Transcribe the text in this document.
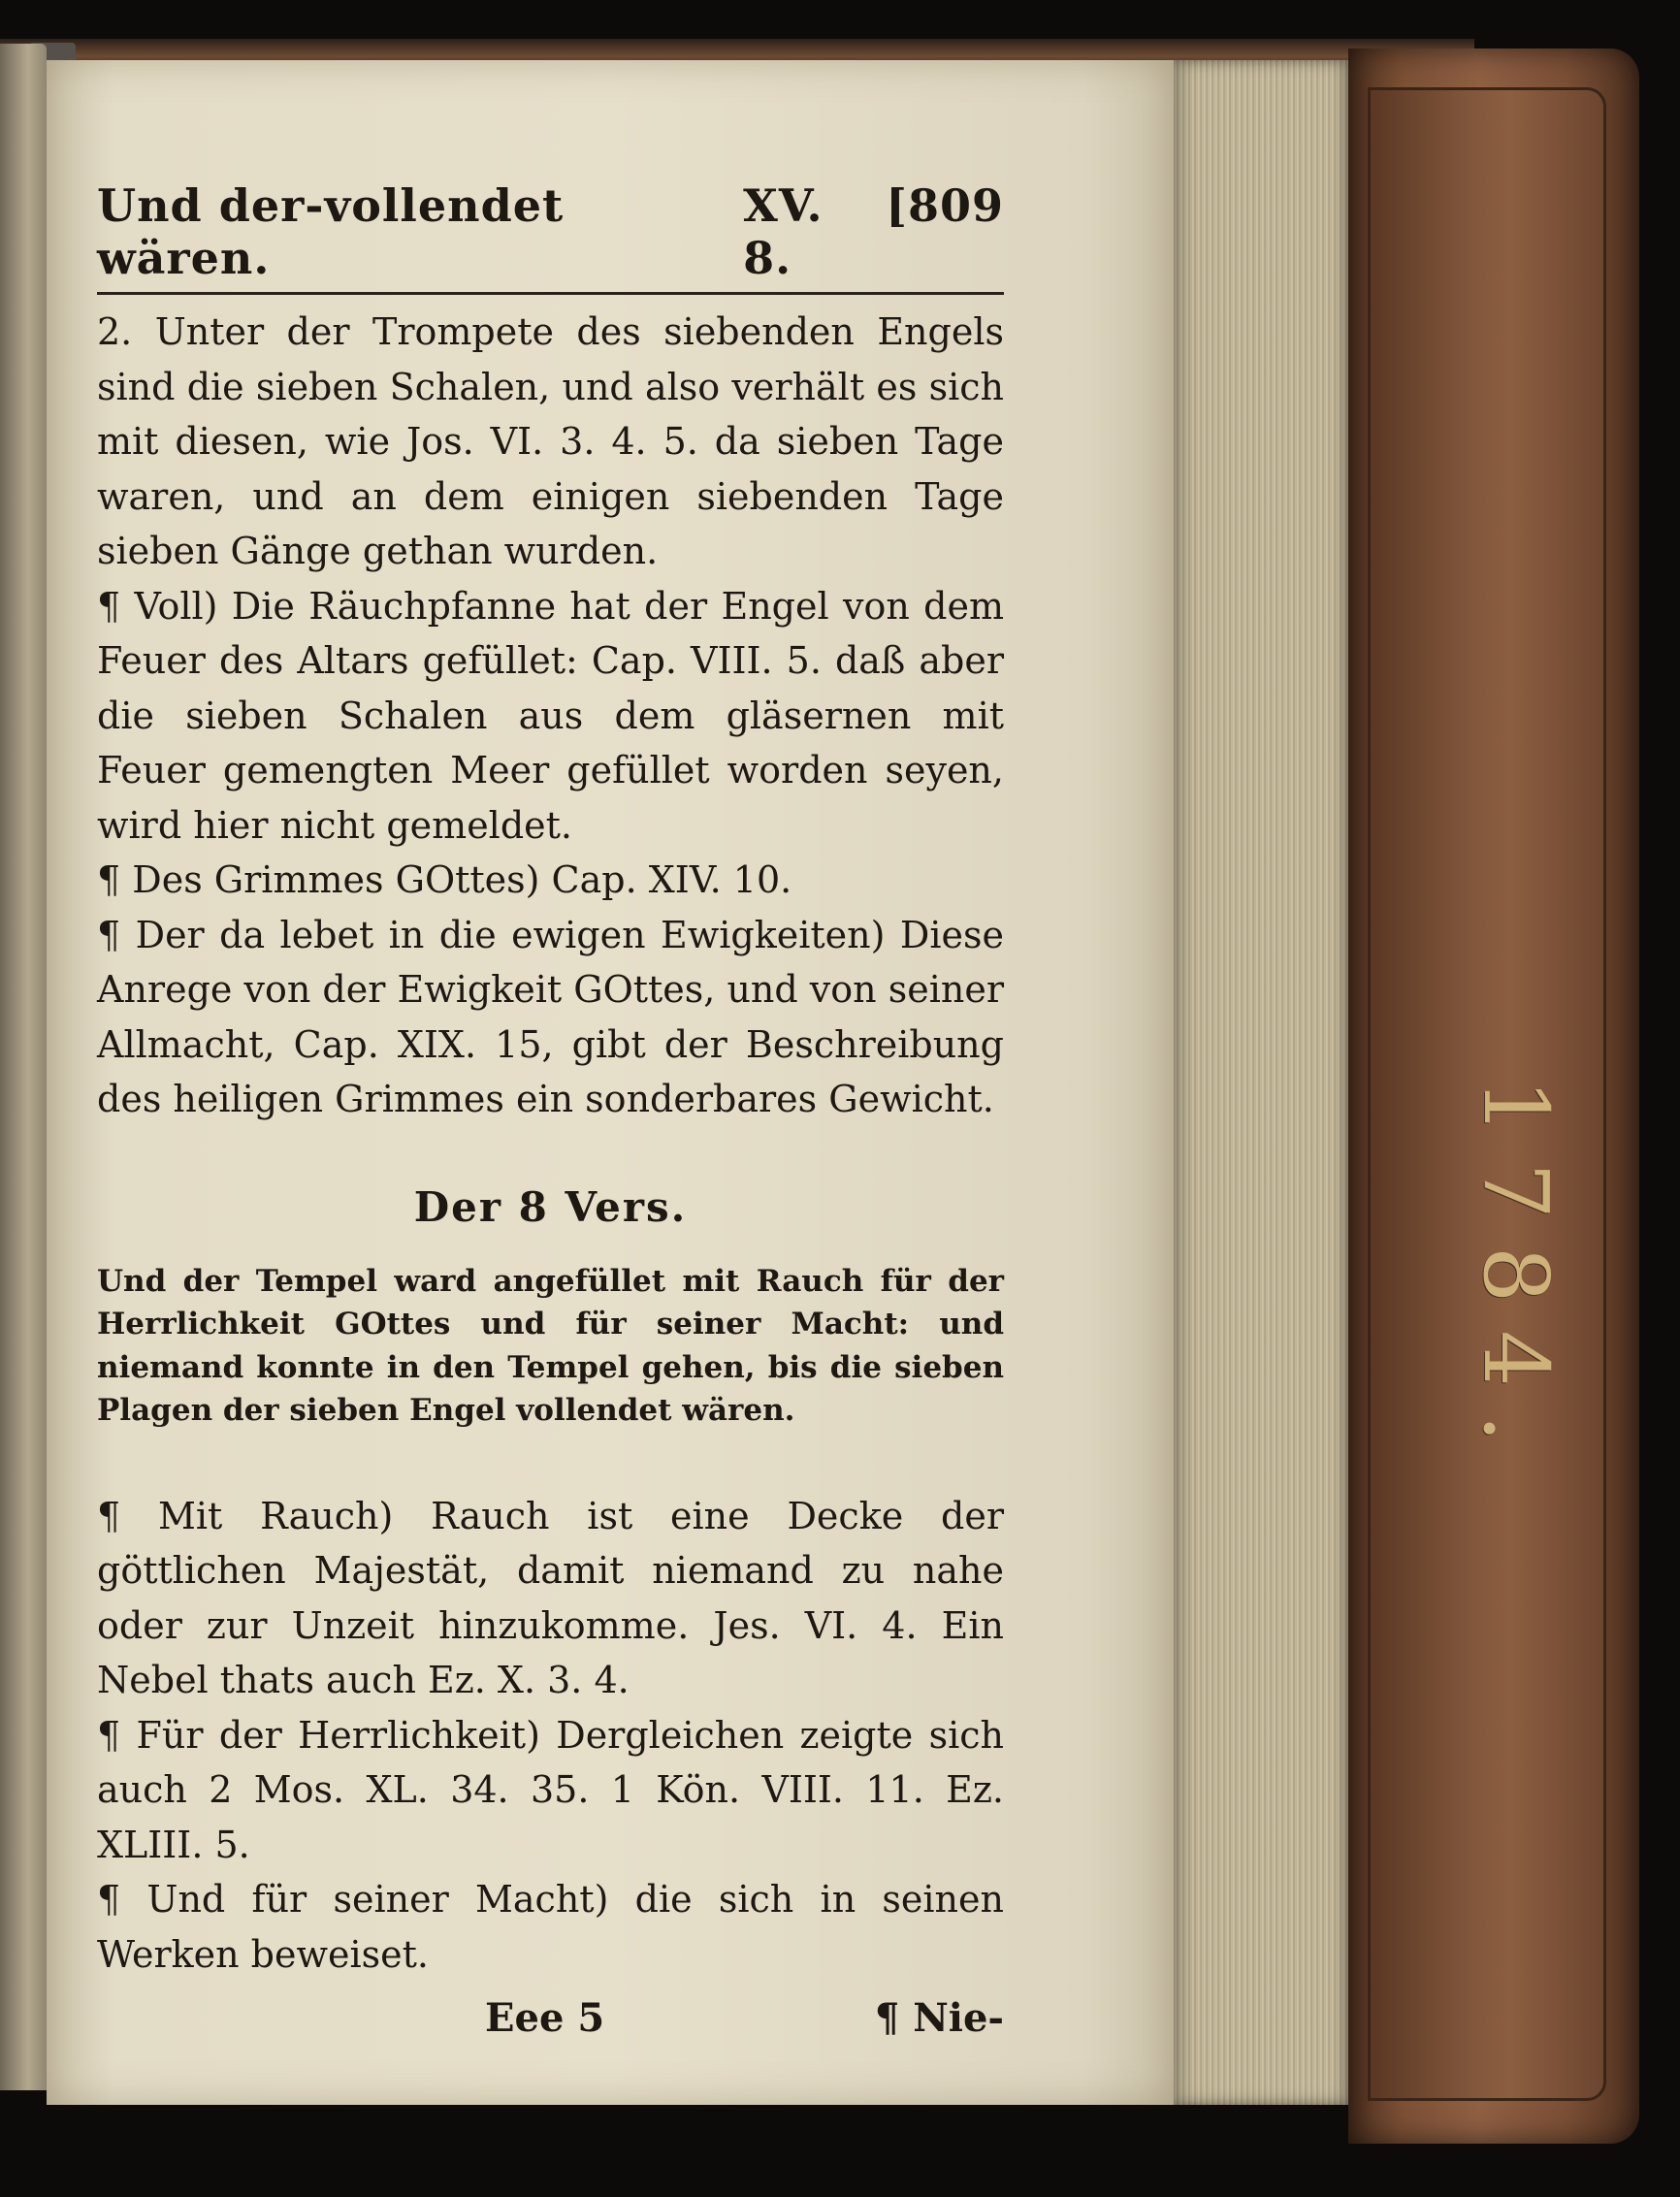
1784.
Und der-vollendet wären.
XV. 8.
[809

2. Unter der Trompete des siebenden Engels sind die sieben Schalen, und also verhält es sich mit diesen, wie Jos. VI. 3. 4. 5. da sieben Tage waren, und an dem einigen siebenden Tage sieben Gänge gethan wurden.

¶ Voll) Die Räuchpfanne hat der Engel von dem Feuer des Altars gefüllet: Cap. VIII. 5. daß aber die sieben Schalen aus dem gläsernen mit Feuer gemengten Meer gefüllet worden seyen, wird hier nicht gemeldet.

¶ Des Grimmes GOttes) Cap. XIV. 10.

¶ Der da lebet in die ewigen Ewigkeiten) Diese Anrege von der Ewigkeit GOttes, und von seiner Allmacht, Cap. XIX. 15, gibt der Beschreibung des heiligen Grimmes ein sonderbares Gewicht.

Der 8 Vers.

Und der Tempel ward angefüllet mit Rauch für der Herrlichkeit GOttes und für seiner Macht: und niemand konnte in den Tempel gehen, bis die sieben Plagen der sieben Engel vollendet wären.

¶ Mit Rauch) Rauch ist eine Decke der göttlichen Majestät, damit niemand zu nahe oder zur Unzeit hinzukomme. Jes. VI. 4. Ein Nebel thats auch Ez. X. 3. 4.

¶ Für der Herrlichkeit) Dergleichen zeigte sich auch 2 Mos. XL. 34. 35. 1 Kön. VIII. 11. Ez. XLIII. 5.

¶ Und für seiner Macht) die sich in seinen Werken beweiset.

Eee 5	¶ Nie-
